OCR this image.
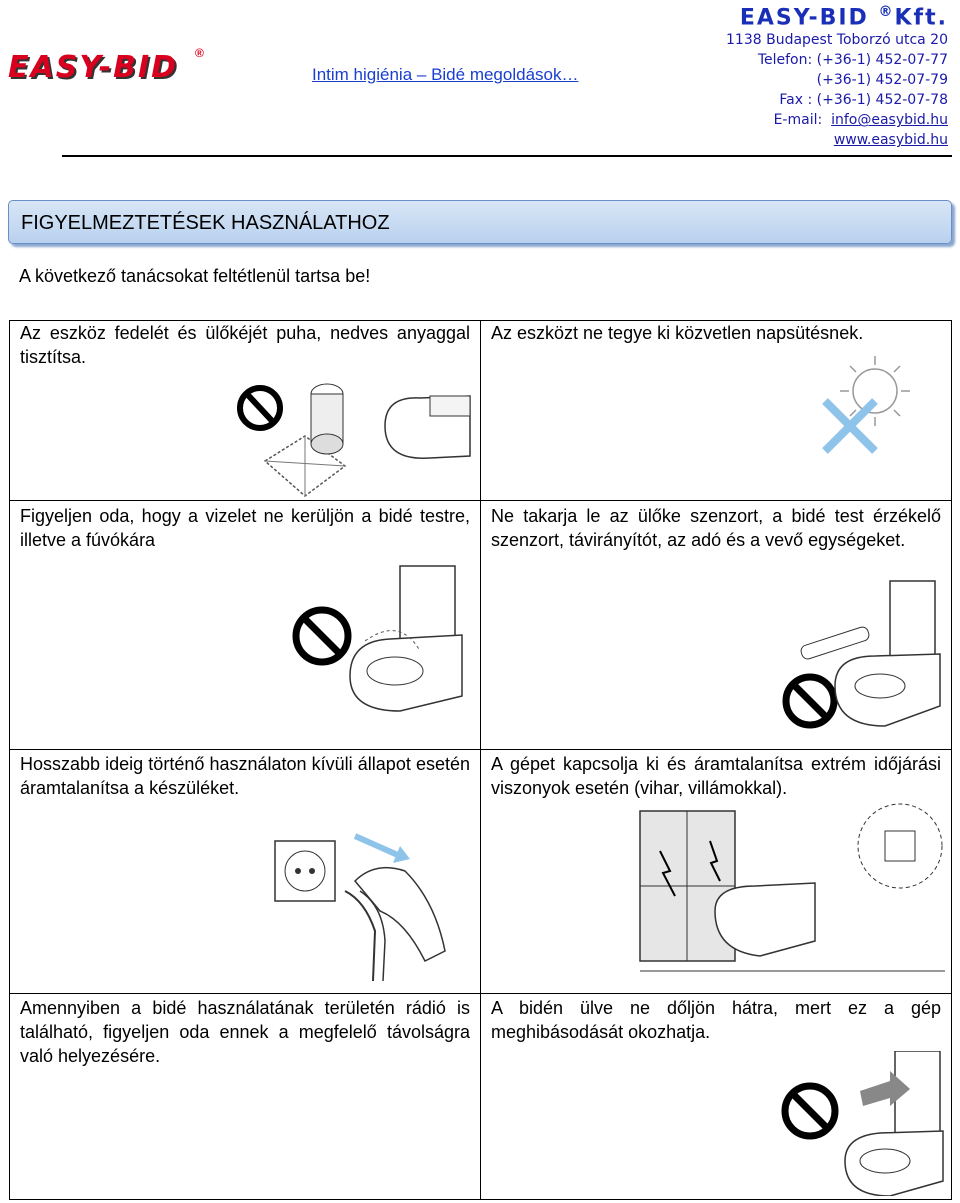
EASY-BID ®
Intim higiénia – Bidé megoldások…
EASY-BID ®Kft.
1138 Budapest Toborzó utca 20
Telefon: (+36-1) 452-07-77
(+36-1) 452-07-79
Fax : (+36-1) 452-07-78
E-mail: info@easybid.hu
www.easybid.hu
FIGYELMEZTETÉSEK HASZNÁLATHOZ
A következő tanácsokat feltétlenül tartsa be!
Az eszköz fedelét és ülőkéjét puha, nedves anyaggal tisztítsa.
Az eszközt ne tegye ki közvetlen napsütésnek.
Figyeljen oda, hogy a vizelet ne kerüljön a bidé testre, illetve a fúvókára
Ne takarja le az ülőke szenzort, a bidé test érzékelő szenzort, távirányítót, az adó és a vevő egységeket.
Hosszabb ideig történő használaton kívüli állapot esetén áramtalanítsa a készüléket.
A gépet kapcsolja ki és áramtalanítsa extrém időjárási viszonyok esetén (vihar, villámokkal).
Amennyiben a bidé használatának területén rádió is található, figyeljen oda ennek a megfelelő távolságra való helyezésére.
A bidén ülve ne dőljön hátra, mert ez a gép meghibásodását okozhatja.
